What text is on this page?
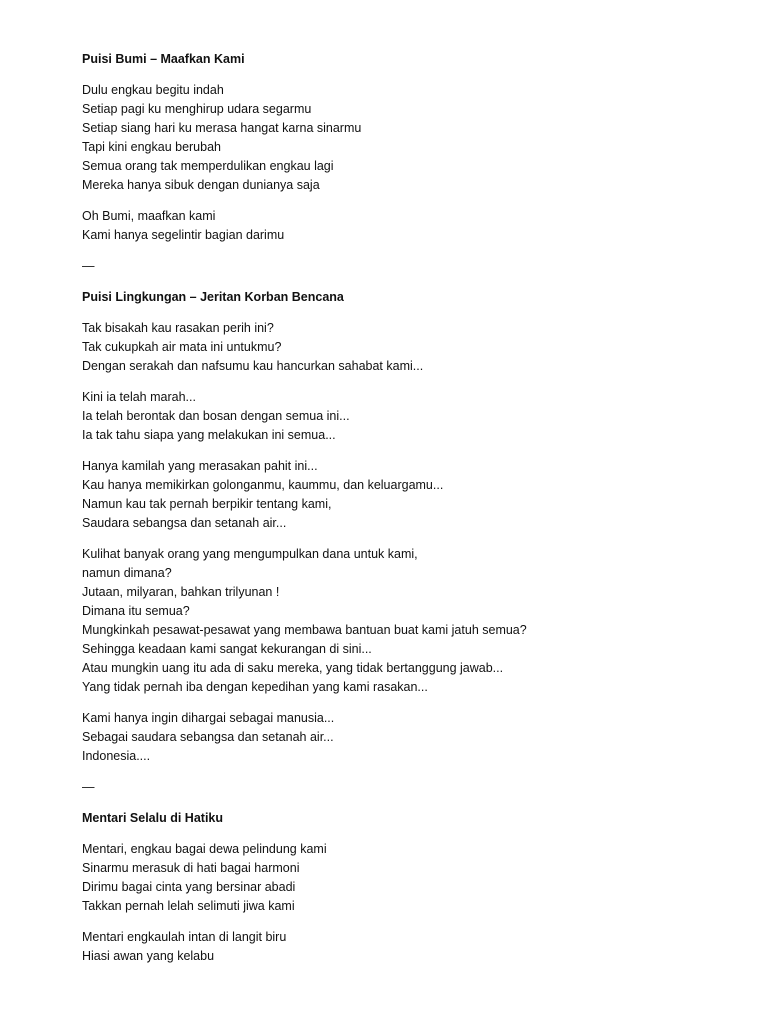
Puisi Bumi – Maafkan Kami
Dulu engkau begitu indah
Setiap pagi ku menghirup udara segarmu
Setiap siang hari ku merasa hangat karna sinarmu
Tapi kini engkau berubah
Semua orang tak memperdulikan engkau lagi
Mereka hanya sibuk dengan dunianya saja
Oh Bumi, maafkan kami
Kami hanya segelintir bagian darimu
—
Puisi Lingkungan – Jeritan Korban Bencana
Tak bisakah kau rasakan perih ini?
Tak cukupkah air mata ini untukmu?
Dengan serakah dan nafsumu kau hancurkan sahabat kami...
Kini ia telah marah...
Ia telah berontak dan bosan dengan semua ini...
Ia tak tahu siapa yang melakukan ini semua...
Hanya kamilah yang merasakan pahit ini...
Kau hanya memikirkan golonganmu, kaummu, dan keluargamu...
Namun kau tak pernah berpikir tentang kami,
Saudara sebangsa dan setanah air...
Kulihat banyak orang yang mengumpulkan dana untuk kami,
namun dimana?
Jutaan, milyaran, bahkan trilyunan !
Dimana itu semua?
Mungkinkah pesawat-pesawat yang membawa bantuan buat kami jatuh semua?
Sehingga keadaan kami sangat kekurangan di sini...
Atau mungkin uang itu ada di saku mereka, yang tidak bertanggung jawab...
Yang tidak pernah iba dengan kepedihan yang kami rasakan...
Kami hanya ingin dihargai sebagai manusia...
Sebagai saudara sebangsa dan setanah air...
Indonesia....
—
Mentari Selalu di Hatiku
Mentari, engkau bagai dewa pelindung kami
Sinarmu merasuk di hati bagai harmoni
Dirimu bagai cinta yang bersinar abadi
Takkan pernah lelah selimuti jiwa kami
Mentari engkaulah intan di langit biru
Hiasi awan yang kelabu
